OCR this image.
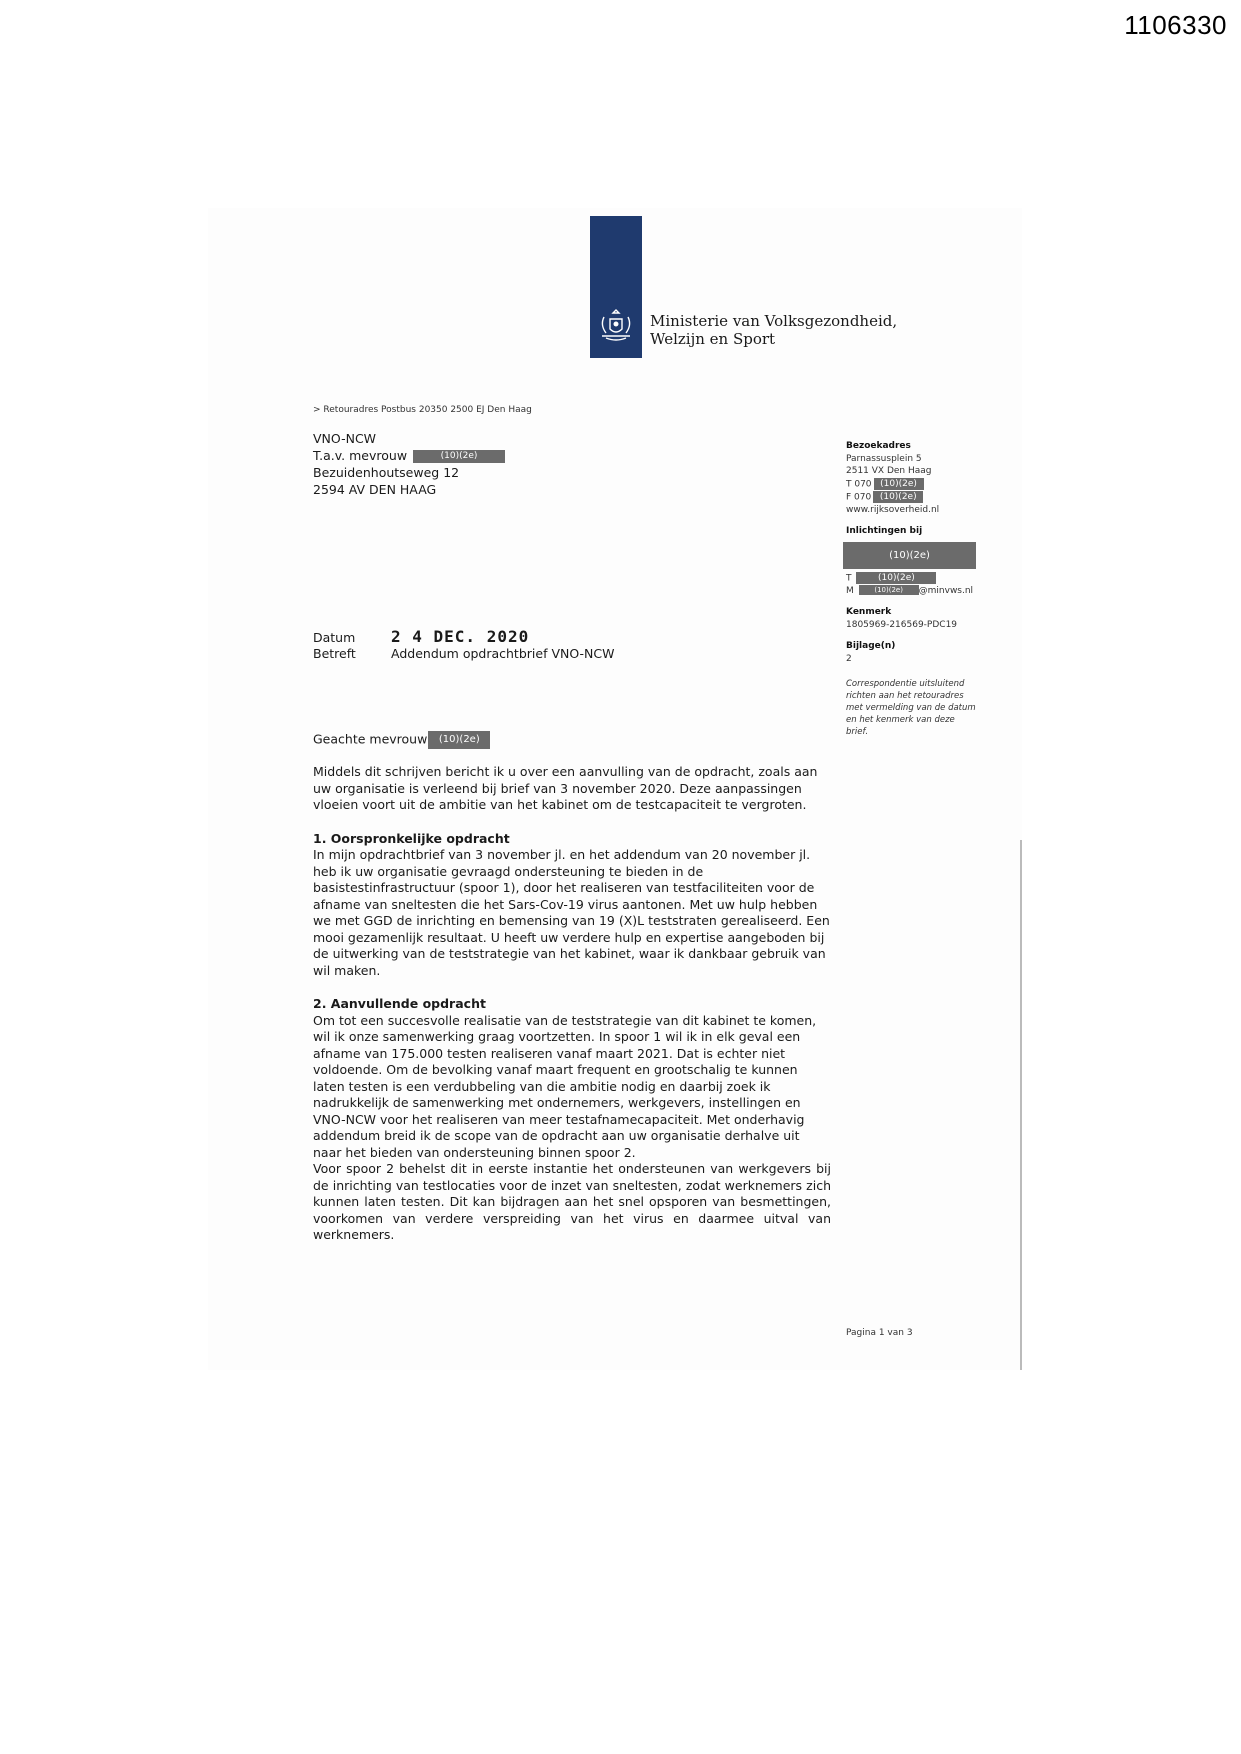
1106330
Ministerie van Volksgezondheid,
Welzijn en Sport
> Retouradres Postbus 20350 2500 EJ Den Haag
VNO-NCW
T.a.v. mevrouw	(10)(2e)
Bezuidenhoutseweg 12
2594 AV DEN HAAG
Bezoekadres
Parnassusplein 5
2511 VX Den Haag
T 070 (10)(2e)
F 070 (10)(2e)
www.rijksoverheid.nl
Inlichtingen bij
(10)(2e)
T	(10)(2e)
M	(10)(2e) @minvws.nl
Kenmerk
1805969-216569-PDC19
Bijlage(n)
2
Correspondentie uitsluitend richten aan het retouradres met vermelding van de datum en het kenmerk van deze brief.
Datum 2 4 DEC. 2020
Betreft	Addendum opdrachtbrief VNO-NCW
Geachte mevrouw (10)(2e)

Middels dit schrijven bericht ik u over een aanvulling van de opdracht, zoals aan uw organisatie is verleend bij brief van 3 november 2020. Deze aanpassingen vloeien voort uit de ambitie van het kabinet om de testcapaciteit te vergroten.

1. Oorspronkelijke opdracht

In mijn opdrachtbrief van 3 november jl. en het addendum van 20 november jl. heb ik uw organisatie gevraagd ondersteuning te bieden in de basistestinfrastructuur (spoor 1), door het realiseren van testfaciliteiten voor de afname van sneltesten die het Sars-Cov-19 virus aantonen. Met uw hulp hebben we met GGD de inrichting en bemensing van 19 (X)L teststraten gerealiseerd. Een mooi gezamenlijk resultaat. U heeft uw verdere hulp en expertise aangeboden bij de uitwerking van de teststrategie van het kabinet, waar ik dankbaar gebruik van wil maken.

2. Aanvullende opdracht

Om tot een succesvolle realisatie van de teststrategie van dit kabinet te komen, wil ik onze samenwerking graag voortzetten. In spoor 1 wil ik in elk geval een afname van 175.000 testen realiseren vanaf maart 2021. Dat is echter niet voldoende. Om de bevolking vanaf maart frequent en grootschalig te kunnen laten testen is een verdubbeling van die ambitie nodig en daarbij zoek ik nadrukkelijk de samenwerking met ondernemers, werkgevers, instellingen en VNO-NCW voor het realiseren van meer testafnamecapaciteit. Met onderhavig addendum breid ik de scope van de opdracht aan uw organisatie derhalve uit naar het bieden van ondersteuning binnen spoor 2.

Voor spoor 2 behelst dit in eerste instantie het ondersteunen van werkgevers bij de inrichting van testlocaties voor de inzet van sneltesten, zodat werknemers zich kunnen laten testen. Dit kan bijdragen aan het snel opsporen van besmettingen, voorkomen van verdere verspreiding van het virus en daarmee uitval van werknemers.

Pagina 1 van 3
